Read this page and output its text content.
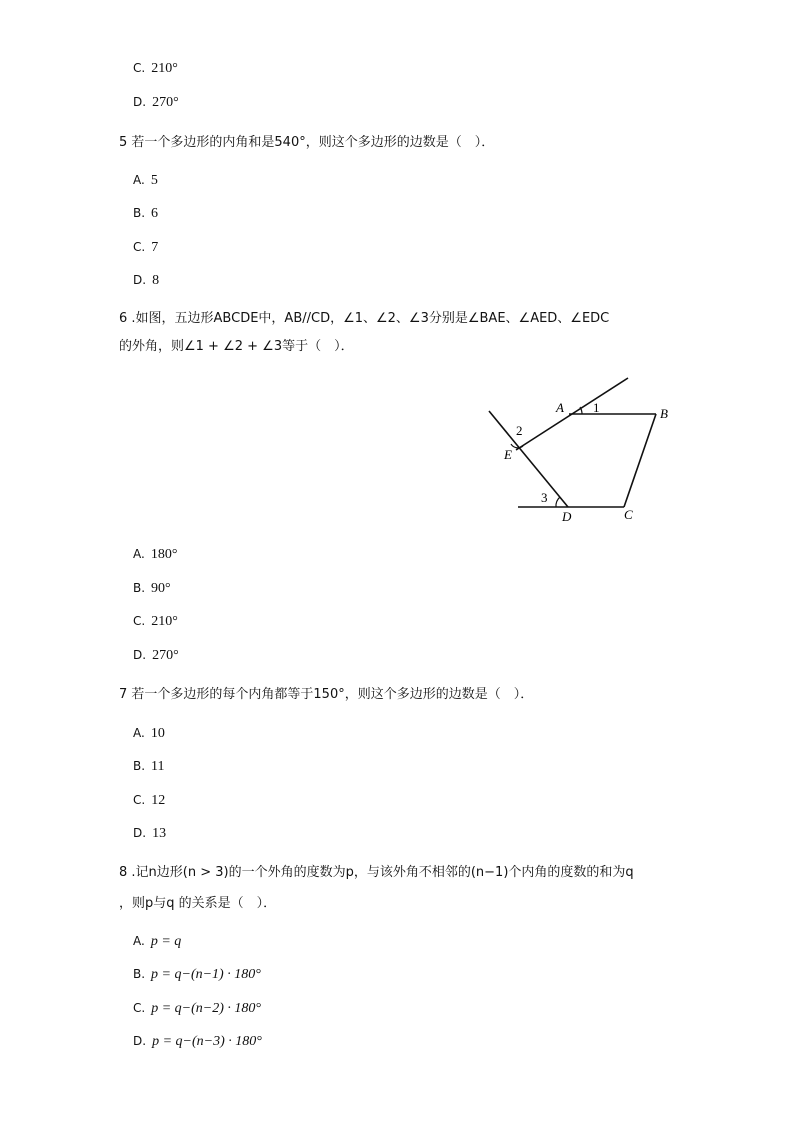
C. 210°
D. 270°
5 若一个多边形的内角和是540°，则这个多边形的边数是（　）．
A. 5
B. 6
C. 7
D. 8
6 .如图，五边形ABCDE中，AB//CD，∠1、∠2、∠3分别是∠BAE、∠AED、∠EDC
的外角，则∠1 + ∠2 + ∠3等于（　）．
A 1	B
2
E
3
D	C
A. 180°
B. 90°
C. 210°
D. 270°
7 若一个多边形的每个内角都等于150°，则这个多边形的边数是（　）．
A. 10
B. 11
C. 12
D. 13
8 .记n边形(n > 3)的一个外角的度数为p，与该外角不相邻的(n−1)个内角的度数的和为q
，则p与q 的关系是（　）．
A. p = q
B. p = q−(n−1) · 180°
C. p = q−(n−2) · 180°
D. p = q−(n−3) · 180°
